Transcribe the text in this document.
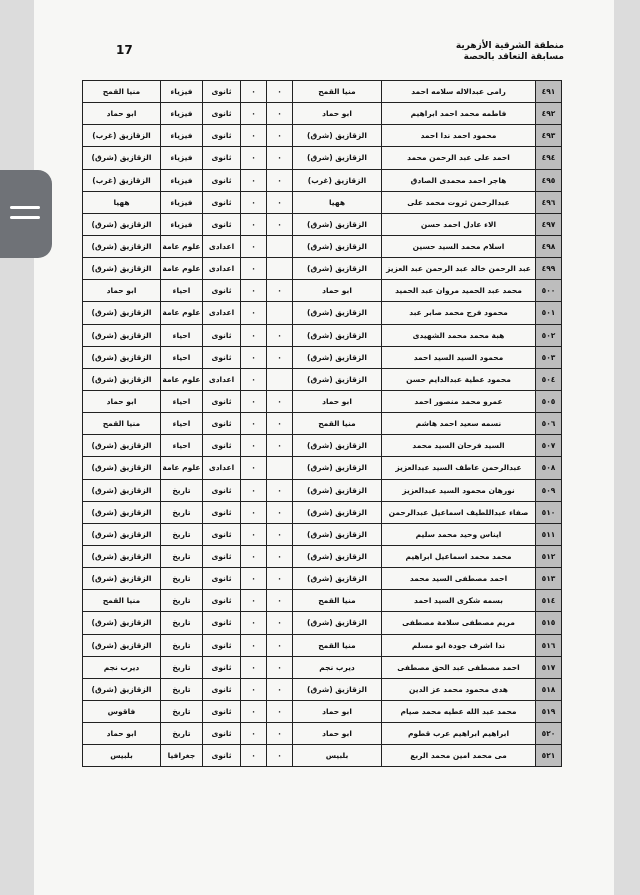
منطقة الشرقية الأزهرية
مسابقة التعاقد بالحصة
17
٤٩١	رامى عبدالاله سلامه احمد	منيا القمح	٠	٠	ثانوى	فيزياء	منيا القمح
٤٩٢	فاطمه محمد احمد ابراهيم	ابو حماد	٠	٠	ثانوى	فيزياء	ابو حماد
٤٩٣	محمود احمد ندا احمد	الزقازيق (شرق)	٠	٠	ثانوى	فيزياء	الزقازيق (غرب)
٤٩٤	احمد على عبد الرحمن محمد	الزقازيق (شرق)	٠	٠	ثانوى	فيزياء	الزقازيق (شرق)
٤٩٥	هاجر احمد محمدى الصادق	الزقازيق (غرب)	٠	٠	ثانوى	فيزياء	الزقازيق (غرب)
٤٩٦	عبدالرحمن ثروت محمد على	ههيا	٠	٠	ثانوى	فيزياء	ههيا
٤٩٧	الاء عادل احمد حسن	الزقازيق (شرق)	٠	٠	ثانوى	فيزياء	الزقازيق (شرق)
٤٩٨	اسلام محمد السيد حسين	الزقازيق (شرق)		٠	اعدادى	علوم عامة	الزقازيق (شرق)
٤٩٩	عبد الرحمن خالد عبد الرحمن عبد العزيز	الزقازيق (شرق)		٠	اعدادى	علوم عامة	الزقازيق (شرق)
٥٠٠	محمد عبد الحميد مروان عبد الحميد	ابو حماد	٠	٠	ثانوى	احياء	ابو حماد
٥٠١	محمود فرج محمد صابر عبد	الزقازيق (شرق)		٠	اعدادى	علوم عامة	الزقازيق (شرق)
٥٠٢	هبة محمد محمد الشهيدى	الزقازيق (شرق)	٠	٠	ثانوى	احياء	الزقازيق (شرق)
٥٠٣	محمود السيد السيد احمد	الزقازيق (شرق)	٠	٠	ثانوى	احياء	الزقازيق (شرق)
٥٠٤	محمود عطية عبدالدايم حسن	الزقازيق (شرق)		٠	اعدادى	علوم عامة	الزقازيق (شرق)
٥٠٥	عمرو محمد منصور احمد	ابو حماد	٠	٠	ثانوى	احياء	ابو حماد
٥٠٦	نسمه سعيد احمد هاشم	منيا القمح	٠	٠	ثانوى	احياء	منيا القمح
٥٠٧	السيد فرحان السيد محمد	الزقازيق (شرق)	٠	٠	ثانوى	احياء	الزقازيق (شرق)
٥٠٨	عبدالرحمن عاطف السيد عبدالعزيز	الزقازيق (شرق)		٠	اعدادى	علوم عامة	الزقازيق (شرق)
٥٠٩	نورهان محمود السيد عبدالعزيز	الزقازيق (شرق)	٠	٠	ثانوى	تاريخ	الزقازيق (شرق)
٥١٠	صفاء عبداللطيف اسماعيل عبدالرحمن	الزقازيق (شرق)	٠	٠	ثانوى	تاريخ	الزقازيق (شرق)
٥١١	ايناس وحيد محمد سليم	الزقازيق (شرق)	٠	٠	ثانوى	تاريخ	الزقازيق (شرق)
٥١٢	محمد محمد اسماعيل ابراهيم	الزقازيق (شرق)	٠	٠	ثانوى	تاريخ	الزقازيق (شرق)
٥١٣	احمد مصطفى السيد محمد	الزقازيق (شرق)	٠	٠	ثانوى	تاريخ	الزقازيق (شرق)
٥١٤	بسمه شكرى السيد احمد	منيا القمح	٠	٠	ثانوى	تاريخ	منيا القمح
٥١٥	مريم مصطفى سلامة مصطفى	الزقازيق (شرق)	٠	٠	ثانوى	تاريخ	الزقازيق (شرق)
٥١٦	ندا اشرف جودة ابو مسلم	منيا القمح	٠	٠	ثانوى	تاريخ	الزقازيق (شرق)
٥١٧	احمد مصطفى عبد الحق مصطفى	ديرب نجم	٠	٠	ثانوى	تاريخ	ديرب نجم
٥١٨	هدى محمود محمد عز الدين	الزقازيق (شرق)	٠	٠	ثانوى	تاريخ	الزقازيق (شرق)
٥١٩	محمد عبد الله عطيه محمد صيام	ابو حماد	٠	٠	ثانوى	تاريخ	فاقوس
٥٢٠	ابراهيم ابراهيم عرب قطوم	ابو حماد	٠	٠	ثانوى	تاريخ	ابو حماد
٥٢١	مى محمد امين محمد الربع	بلبيس	٠	٠	ثانوى	جغرافيا	بلبيس
